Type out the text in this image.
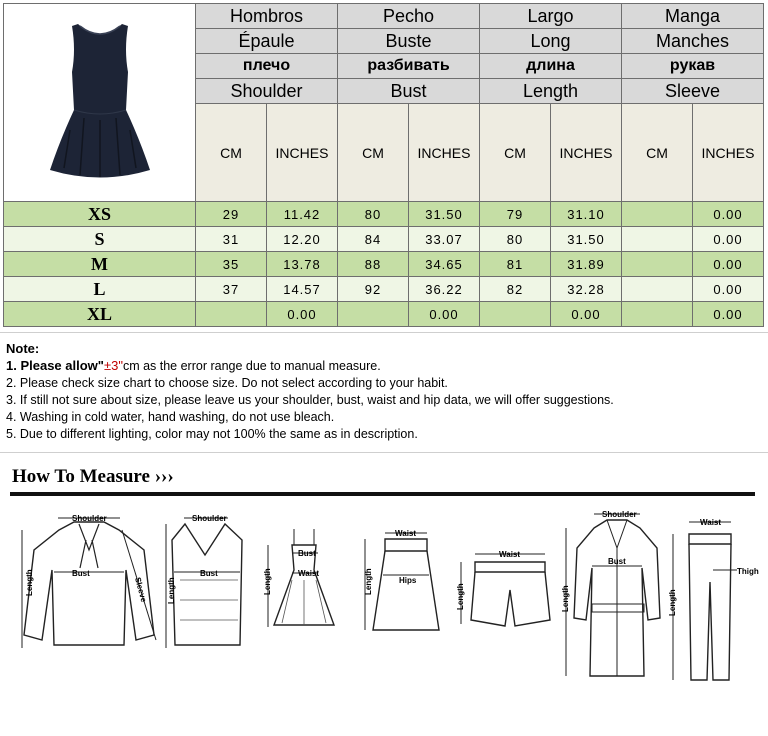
	Hombros		Pecho		Largo		Manga	
	Épaule		Buste		Long		Manches	
	плечо		разбивать		длина		рукав	
	Shoulder		Bust		Length		Sleeve	
	CM	INCHES	CM	INCHES	CM	INCHES	CM	INCHES
XS	29	11.42	80	31.50	79	31.10		0.00
S	31	12.20	84	33.07	80	31.50		0.00
M	35	13.78	88	34.65	81	31.89		0.00
L	37	14.57	92	36.22	82	32.28		0.00
XL		0.00		0.00		0.00		0.00
Note:
1. Please allow"±3"cm as the error range due to manual measure.
2. Please check size chart to choose size. Do not select according to your habit.
3. If still not sure about size, please leave us your shoulder, bust, waist and hip data, we will offer suggestions.
4. Washing in cold water, hand washing, do not use bleach.
5. Due to different lighting, color may not 100% the same as in description.
How To Measure ›››
Shoulder
Bust
Length	Sleeve
Shoulder
Bust
Length
Bust
Waist
Length
Waist
Hips
Length
Waist
Length
Shoulder
Bust
Length
Waist
Thigh
Length
